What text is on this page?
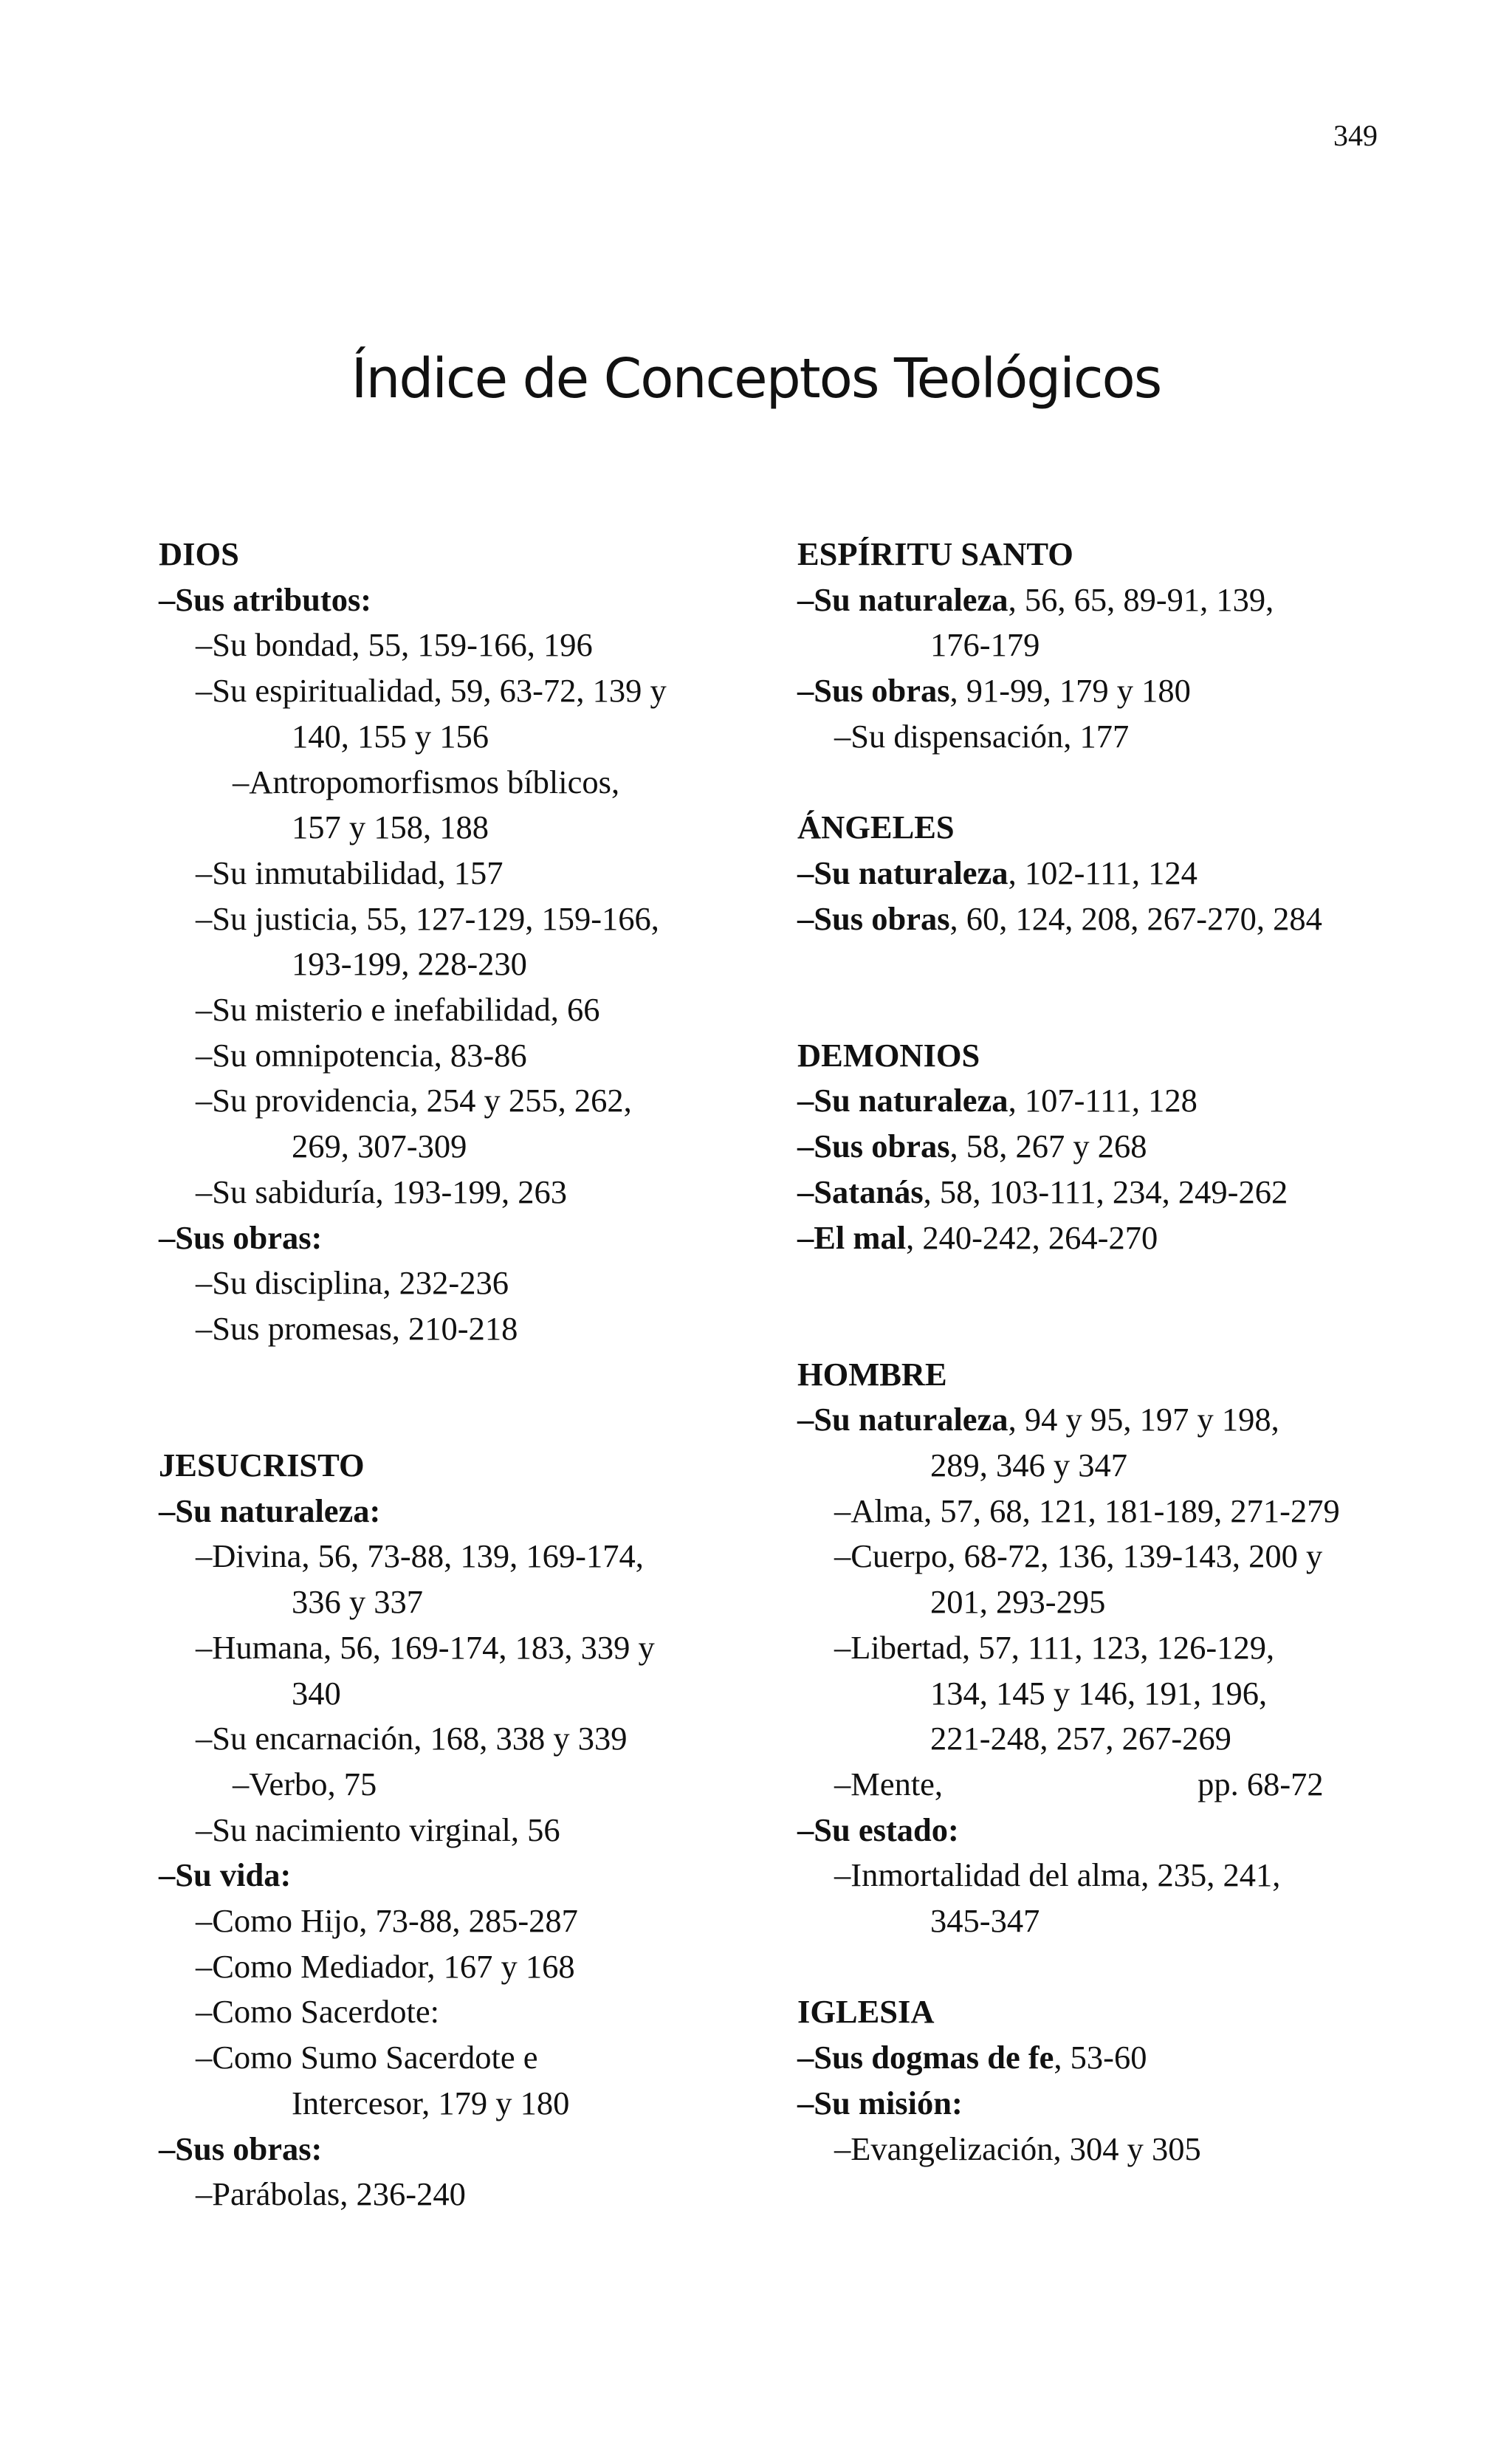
349
Índice de Conceptos Teológicos
DIOS
–Sus atributos:
–Su bondad, 55, 159-166, 196
–Su espiritualidad, 59, 63-72, 139 y
140, 155 y 156
–Antropomorfismos bíblicos,
157 y 158, 188
–Su inmutabilidad, 157
–Su justicia, 55, 127-129, 159-166,
193-199, 228-230
–Su misterio e inefabilidad, 66
–Su omnipotencia, 83-86
–Su providencia, 254 y 255, 262,
269, 307-309
–Su sabiduría, 193-199, 263
–Sus obras:
–Su disciplina, 232-236
–Sus promesas, 210-218
JESUCRISTO
–Su naturaleza:
–Divina, 56, 73-88, 139, 169-174,
336 y 337
–Humana, 56, 169-174, 183, 339 y
340
–Su encarnación, 168, 338 y 339
–Verbo, 75
–Su nacimiento virginal, 56
–Su vida:
–Como Hijo, 73-88, 285-287
–Como Mediador, 167 y 168
–Como Sacerdote:
–Como Sumo Sacerdote e
Intercesor, 179 y 180
–Sus obras:
–Parábolas, 236-240
ESPÍRITU SANTO
–Su naturaleza, 56, 65, 89-91, 139,
176-179
–Sus obras, 91-99, 179 y 180
–Su dispensación, 177
ÁNGELES
–Su naturaleza, 102-111, 124
–Sus obras, 60, 124, 208, 267-270, 284
DEMONIOS
–Su naturaleza, 107-111, 128
–Sus obras, 58, 267 y 268
–Satanás, 58, 103-111, 234, 249-262
–El mal, 240-242, 264-270
HOMBRE
–Su naturaleza, 94 y 95, 197 y 198,
289, 346 y 347
–Alma, 57, 68, 121, 181-189, 271-279
–Cuerpo, 68-72, 136, 139-143, 200 y
201, 293-295
–Libertad, 57, 111, 123, 126-129,
134, 145 y 146, 191, 196,
221-248, 257, 267-269
–Mente,	pp. 68-72
–Su estado:
–Inmortalidad del alma, 235, 241,
345-347
IGLESIA
–Sus dogmas de fe, 53-60
–Su misión:
–Evangelización, 304 y 305
